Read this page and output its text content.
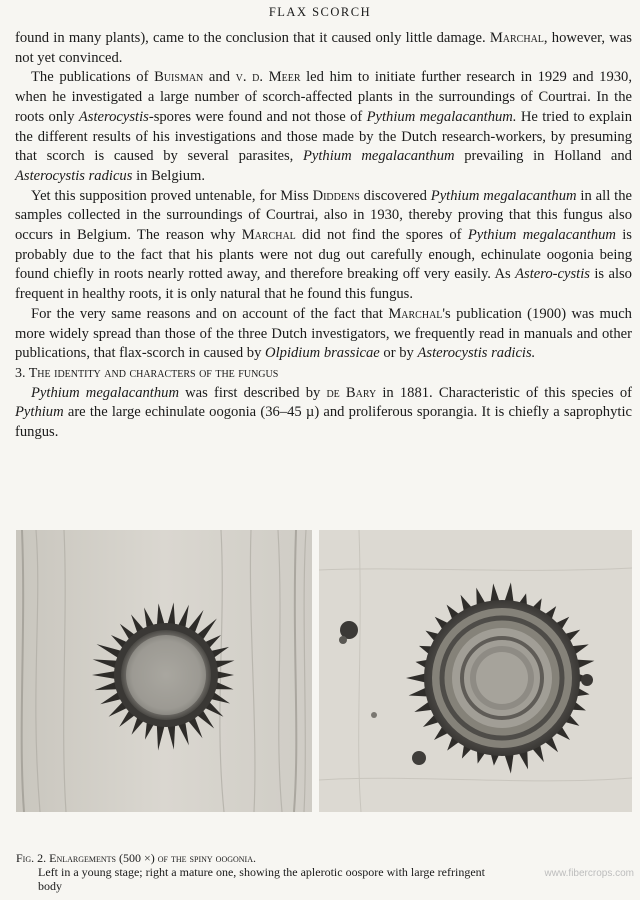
FLAX SCORCH

found in many plants), came to the conclusion that it caused only little damage. Marchal, however, was not yet convinced.

The publications of Buisman and v. d. Meer led him to initiate further research in 1929 and 1930, when he investigated a large number of scorch-affected plants in the surroundings of Courtrai. In the roots only Asterocystis-spores were found and not those of Pythium megalacanthum. He tried to explain the different results of his investigations and those made by the Dutch research-workers, by presuming that scorch is caused by several parasites, Pythium megalacanthum prevailing in Holland and Asterocystis radicus in Belgium.

Yet this supposition proved untenable, for Miss Diddens discovered Pythium megalacanthum in all the samples collected in the surroundings of Courtrai, also in 1930, thereby proving that this fungus also occurs in Belgium. The reason why Marchal did not find the spores of Pythium megalacanthum is probably due to the fact that his plants were not dug out carefully enough, echinulate oogonia being found chiefly in roots nearly rotted away, and therefore breaking off very easily. As Astero-cystis is also frequent in healthy roots, it is only natural that he found this fungus.

For the very same reasons and on account of the fact that Marchal's publication (1900) was much more widely spread than those of the three Dutch investigators, we frequently read in manuals and other publications, that flax-scorch in caused by Olpidium brassicae or by Asterocystis radicis.

3. The identity and characters of the fungus

Pythium megalacanthum was first described by de Bary in 1881. Characteristic of this species of Pythium are the large echinulate oogonia (36–45 µ) and proliferous sporangia. It is chiefly a saprophytic fungus.

Fig. 2. Enlargements (500 ×) of the spiny oogonia.
Left in a young stage; right a mature one, showing the aplerotic oospore with large refringent
body
www.fibercrops.com
